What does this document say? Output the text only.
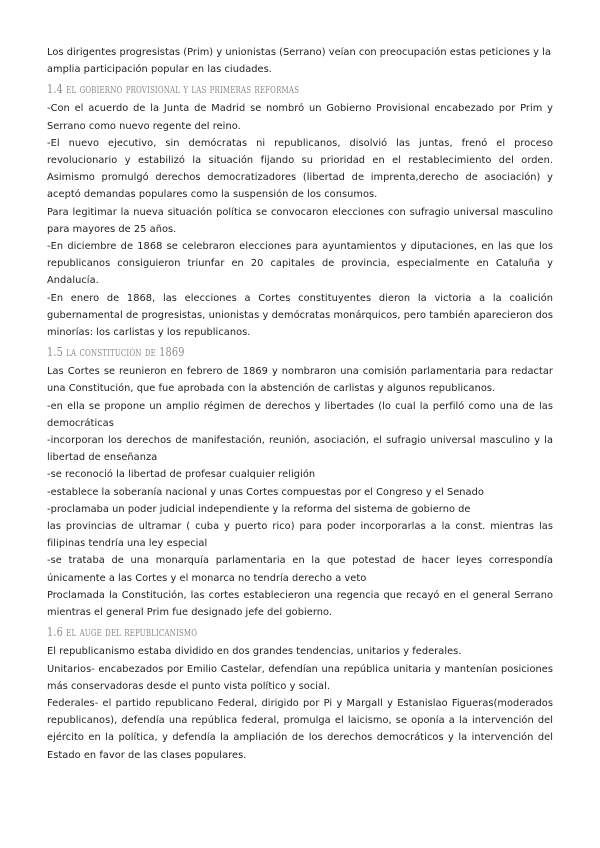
Los dirigentes progresistas (Prim) y unionistas (Serrano) veían con preocupación estas peticiones y la amplia participación popular en las ciudades.

1.4 el gobierno provisional y las primeras reformas

-Con el acuerdo de la Junta de Madrid se nombró un Gobierno Provisional encabezado por Prim y Serrano como nuevo regente del reino.

-El nuevo ejecutivo, sin demócratas ni republicanos, disolvió las juntas, frenó el proceso revolucionario y estabilizó la situación fijando su prioridad en el restablecimiento del orden. Asimismo promulgó derechos democratizadores (libertad de imprenta,derecho de asociación) y aceptó demandas populares como la suspensión de los consumos.

Para legitimar la nueva situación política se convocaron elecciones con sufragio universal masculino para mayores de 25 años.

-En diciembre de 1868 se celebraron elecciones para ayuntamientos y diputaciones, en las que los republicanos consiguieron triunfar en 20 capitales de provincia, especialmente en Cataluña y Andalucía.

-En enero de 1868, las elecciones a Cortes constituyentes dieron la victoria a la coalición gubernamental de progresistas, unionistas y demócratas monárquicos, pero también aparecieron dos minorías: los carlistas y los republicanos.

1.5 la constitución de 1869

Las Cortes se reunieron en febrero de 1869 y nombraron una comisión parlamentaria para redactar una Constitución, que fue aprobada con la abstención de carlistas y algunos republicanos.

-en ella se propone un amplio régimen de derechos y libertades (lo cual la perfiló como una de las democráticas

-incorporan los derechos de manifestación, reunión, asociación, el sufragio universal masculino y la libertad de enseñanza

-se reconoció la libertad de profesar cualquier religión

-establece la soberanía nacional y unas Cortes compuestas por el Congreso y el Senado

-proclamaba un poder judicial independiente y la reforma del sistema de gobierno de

las provincias de ultramar ( cuba y puerto rico) para poder incorporarlas a la const. mientras las filipinas tendría una ley especial

-se trataba de una monarquía parlamentaria en la que potestad de hacer leyes correspondía únicamente a las Cortes y el monarca no tendría derecho a veto

Proclamada la Constitución, las cortes establecieron una regencia que recayó en el general Serrano mientras el general Prim fue designado jefe del gobierno.

1.6 el auge del republicanismo

El republicanismo estaba dividido en dos grandes tendencias, unitarios y federales.

Unitarios- encabezados por Emilio Castelar, defendían una república unitaria y mantenían posiciones más conservadoras desde el punto vista político y social.

Federales- el partido republicano Federal, dirigido por Pi y Margall y Estanislao Figueras(moderados republicanos), defendía una república federal, promulga el laicismo, se oponía a la intervención del ejército en la política, y defendía la ampliación de los derechos democráticos y la intervención del Estado en favor de las clases populares.
